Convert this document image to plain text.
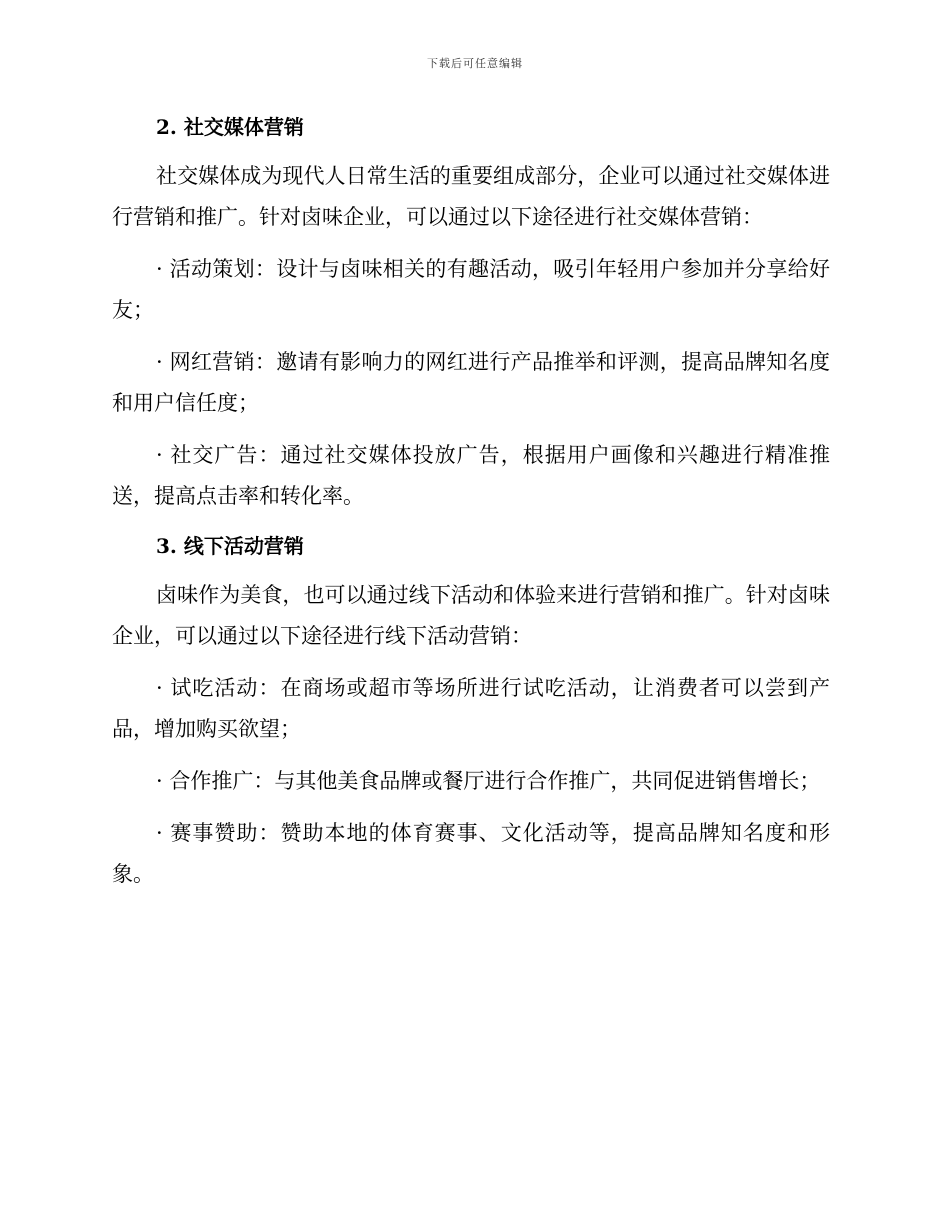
下载后可任意编辑
2. 社交媒体营销

社交媒体成为现代人日常生活的重要组成部分，企业可以通过社交媒体进行营销和推广。针对卤味企业，可以通过以下途径进行社交媒体营销：

· 活动策划：设计与卤味相关的有趣活动，吸引年轻用户参加并分享给好友；

· 网红营销：邀请有影响力的网红进行产品推举和评测，提高品牌知名度和用户信任度；

· 社交广告：通过社交媒体投放广告，根据用户画像和兴趣进行精准推送，提高点击率和转化率。

3. 线下活动营销

卤味作为美食，也可以通过线下活动和体验来进行营销和推广。针对卤味企业，可以通过以下途径进行线下活动营销：

· 试吃活动：在商场或超市等场所进行试吃活动，让消费者可以尝到产品，增加购买欲望；

· 合作推广：与其他美食品牌或餐厅进行合作推广，共同促进销售增长；

· 赛事赞助：赞助本地的体育赛事、文化活动等，提高品牌知名度和形象。
